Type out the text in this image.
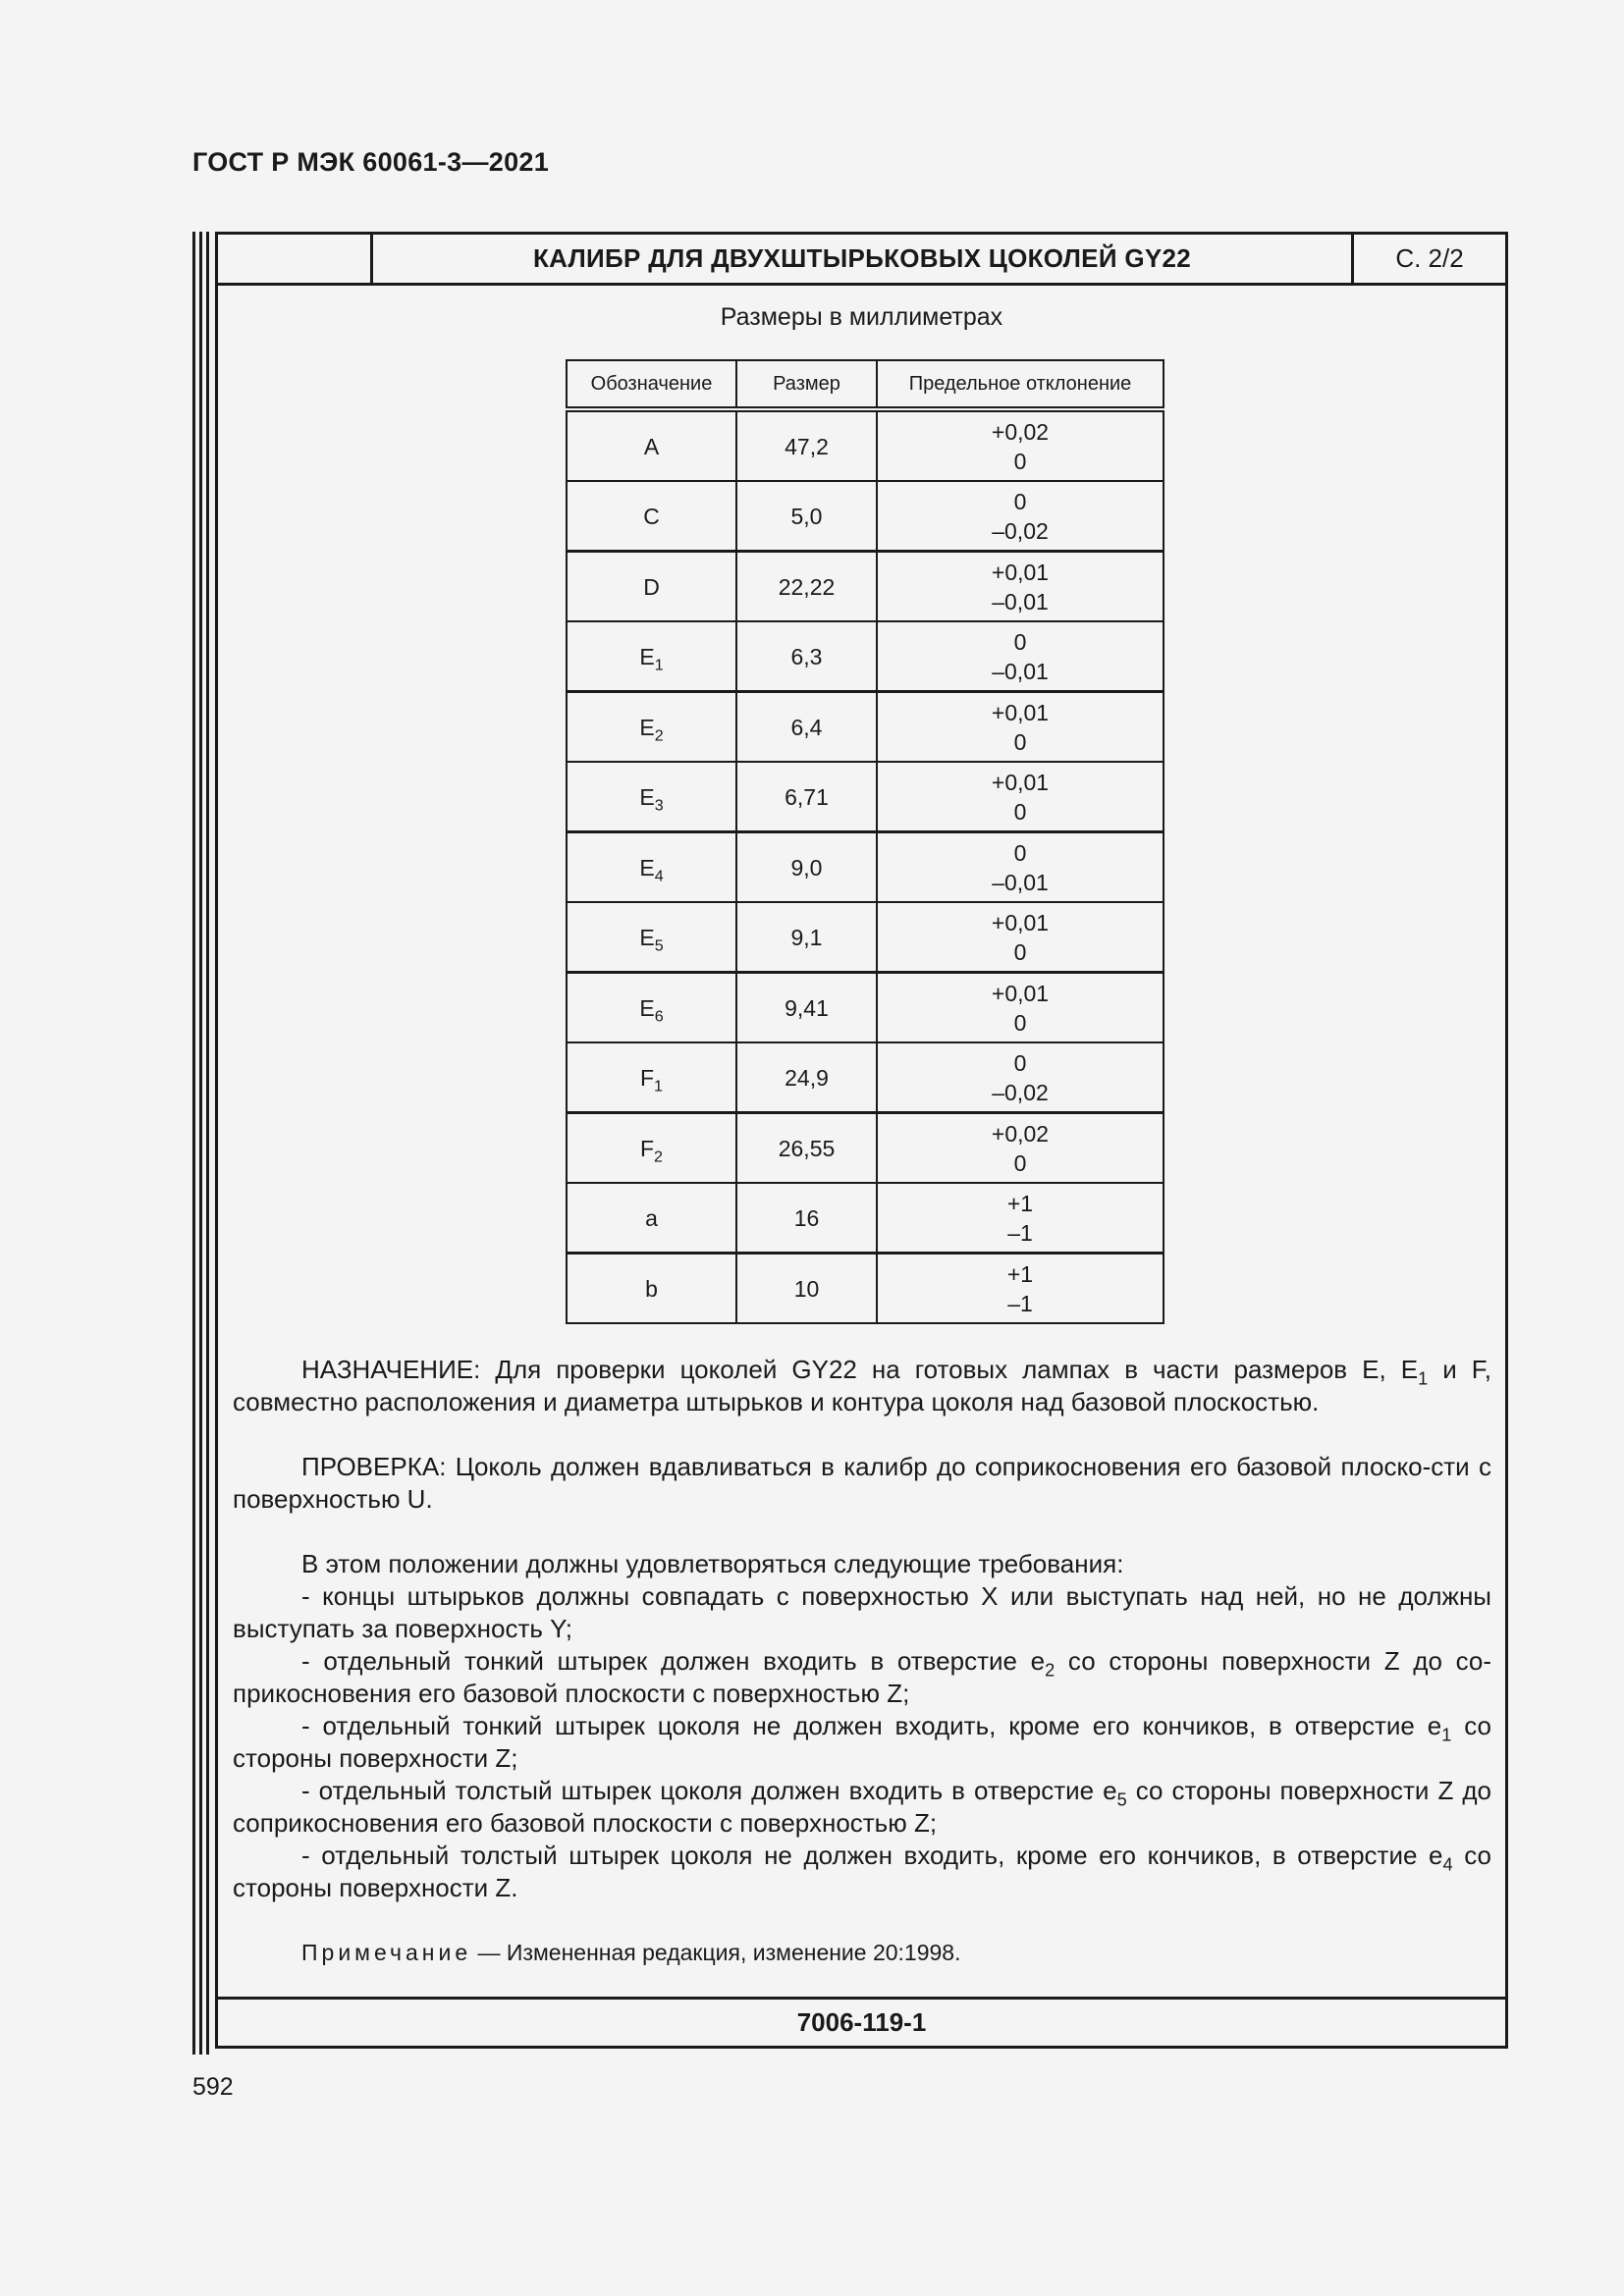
ГОСТ Р МЭК 60061-3—2021
КАЛИБР ДЛЯ ДВУХШТЫРЬКОВЫХ ЦОКОЛЕЙ GY22	С. 2/2
Размеры в миллиметрах
Обозначение	Размер	Предельное отклонение
A	47,2	+0,02
0

C	5,0	0
–0,02

D	22,22	+0,01
–0,01

$E_1$	6,3	0
–0,01

$E_2$	6,4	+0,01
0

$E_3$	6,71	+0,01
0

$E_4$	9,0	0
–0,01

$E_5$	9,1	+0,01
0

$E_6$	9,41	+0,01
0

$F_1$	24,9	0
–0,02

$F_2$	26,55	+0,02
0

a	16	+1
–1

b	10	+1
–1

НАЗНАЧЕНИЕ: Для проверки цоколей GY22 на готовых лампах в части размеров E, $E_1$ и F, совместно расположения и диаметра штырьков и контура цоколя над базовой плоскостью.

ПРОВЕРКА: Цоколь должен вдавливаться в калибр до соприкосновения его базовой плоско-сти с поверхностью U.

В этом положении должны удовлетворяться следующие требования:

- концы штырьков должны совпадать с поверхностью X или выступать над ней, но не должны выступать за поверхность Y;

- отдельный тонкий штырек должен входить в отверстие $e_2$ со стороны поверхности Z до со-прикосновения его базовой плоскости с поверхностью Z;

- отдельный тонкий штырек цоколя не должен входить, кроме его кончиков, в отверстие $e_1$ со стороны поверхности Z;

- отдельный толстый штырек цоколя должен входить в отверстие $e_5$ со стороны поверхности Z до соприкосновения его базовой плоскости с поверхностью Z;

- отдельный толстый штырек цоколя не должен входить, кроме его кончиков, в отверстие $e_4$ со стороны поверхности Z.

Примечание — Измененная редакция, изменение 20:1998.

7006-119-1
592
